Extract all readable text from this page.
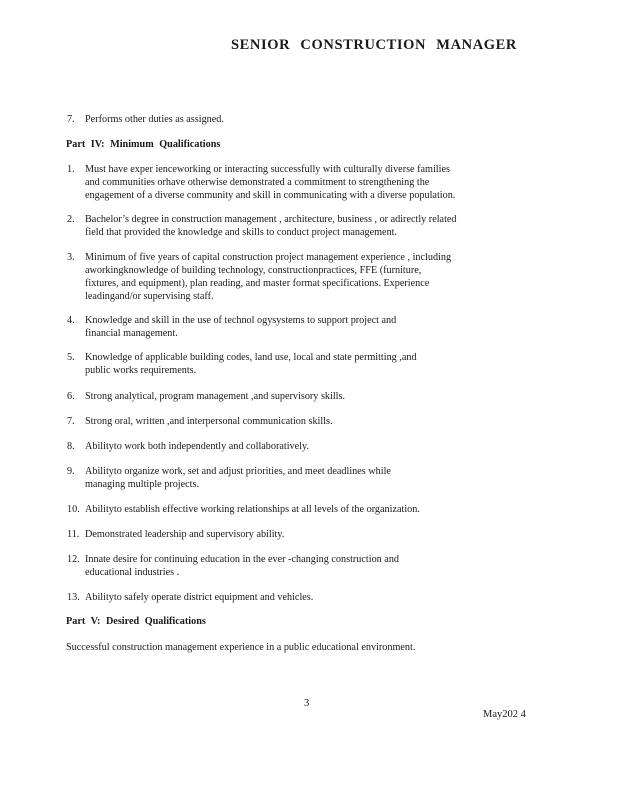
SENIOR CONSTRUCTION MANAGER
7. Performs other duties as assigned.
Part IV: Minimum Qualifications
1. Must have exper ienceworking or interacting successfully with culturally diverse families
and communities orhave otherwise demonstrated a commitment to strengthening the
engagement of a diverse community and skill in communicating with a diverse population.
2. Bachelor’s degree in construction management , architecture, business , or adirectly related
field that provided the knowledge and skills to conduct project management.
3. Minimum of five years of capital construction project management experience , including
aworkingknowledge of building technology, constructionpractices, FFE (furniture,
fixtures, and equipment), plan reading, and master format specifications. Experience
leadingand/or supervising staff.
4. Knowledge and skill in the use of technol ogysystems to support project and
financial management.
5. Knowledge of applicable building codes, land use, local and state permitting ,and
public works requirements.
6. Strong analytical, program management ,and supervisory skills.
7. Strong oral, written ,and interpersonal communication skills.
8. Abilityto work both independently and collaboratively.
9. Abilityto organize work, set and adjust priorities, and meet deadlines while
managing multiple projects.
10. Abilityto establish effective working relationships at all levels of the organization.
11. Demonstrated leadership and supervisory ability.
12. Innate desire for continuing education in the ever -changing construction and
educational industries .
13. Abilityto safely operate district equipment and vehicles.
Part V: Desired Qualifications
Successful construction management experience in a public educational environment.
3
May202 4
